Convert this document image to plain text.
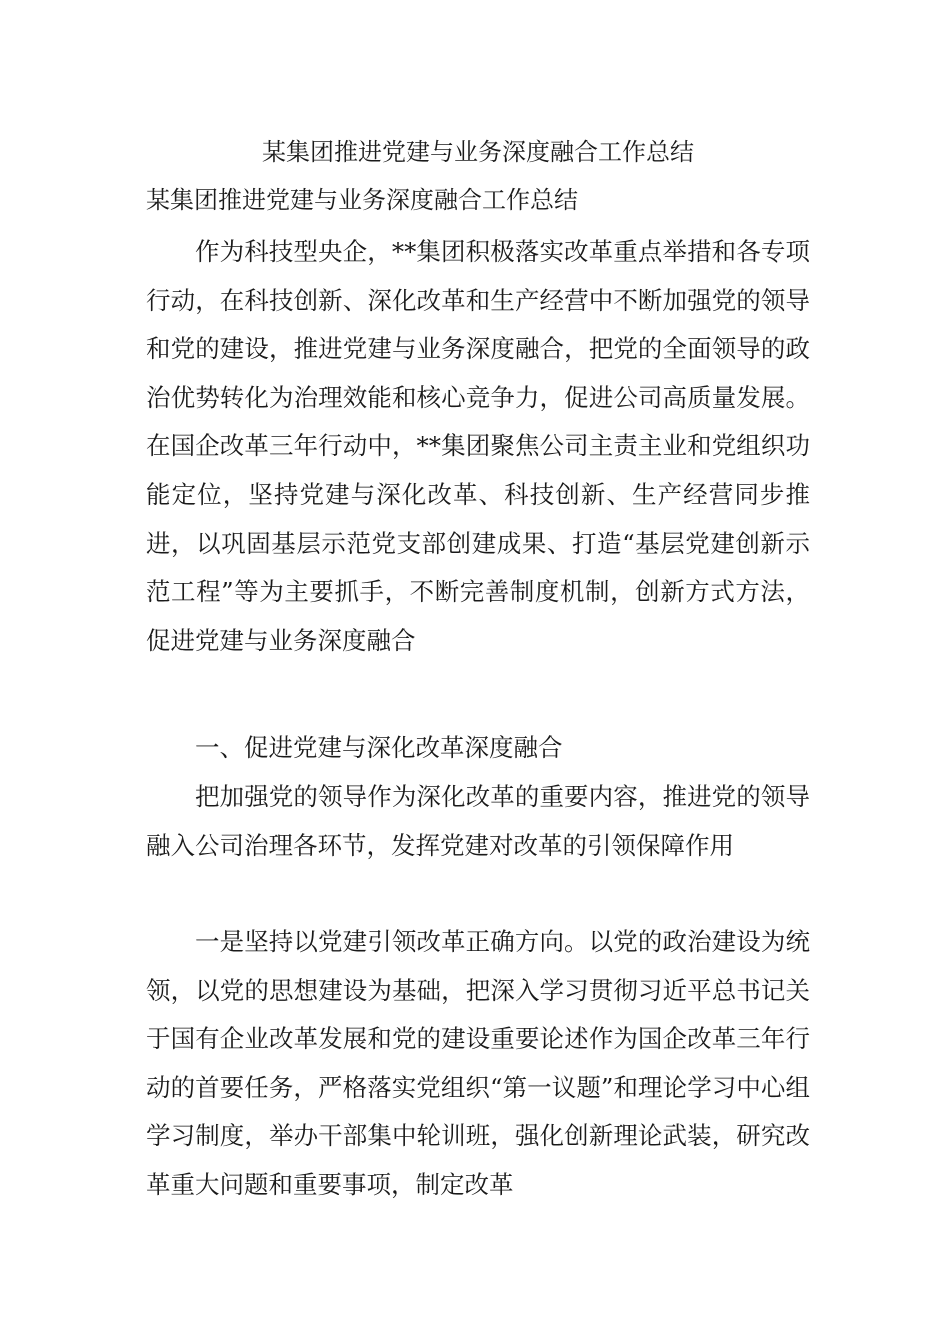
某集团推进党建与业务深度融合工作总结
某集团推进党建与业务深度融合工作总结

作为科技型央企，**集团积极落实改革重点举措和各专项行动，在科技创新、深化改革和生产经营中不断加强党的领导和党的建设，推进党建与业务深度融合，把党的全面领导的政治优势转化为治理效能和核心竞争力，促进公司高质量发展。在国企改革三年行动中，**集团聚焦公司主责主业和党组织功能定位，坚持党建与深化改革、科技创新、生产经营同步推进，以巩固基层示范党支部创建成果、打造“基层党建创新示范工程”等为主要抓手，不断完善制度机制，创新方式方法，促进党建与业务深度融合

一、促进党建与深化改革深度融合

把加强党的领导作为深化改革的重要内容，推进党的领导融入公司治理各环节，发挥党建对改革的引领保障作用

一是坚持以党建引领改革正确方向。以党的政治建设为统领，以党的思想建设为基础，把深入学习贯彻习近平总书记关于国有企业改革发展和党的建设重要论述作为国企改革三年行动的首要任务，严格落实党组织“第一议题”和理论学习中心组学习制度，举办干部集中轮训班，强化创新理论武装，研究改革重大问题和重要事项，制定改革
